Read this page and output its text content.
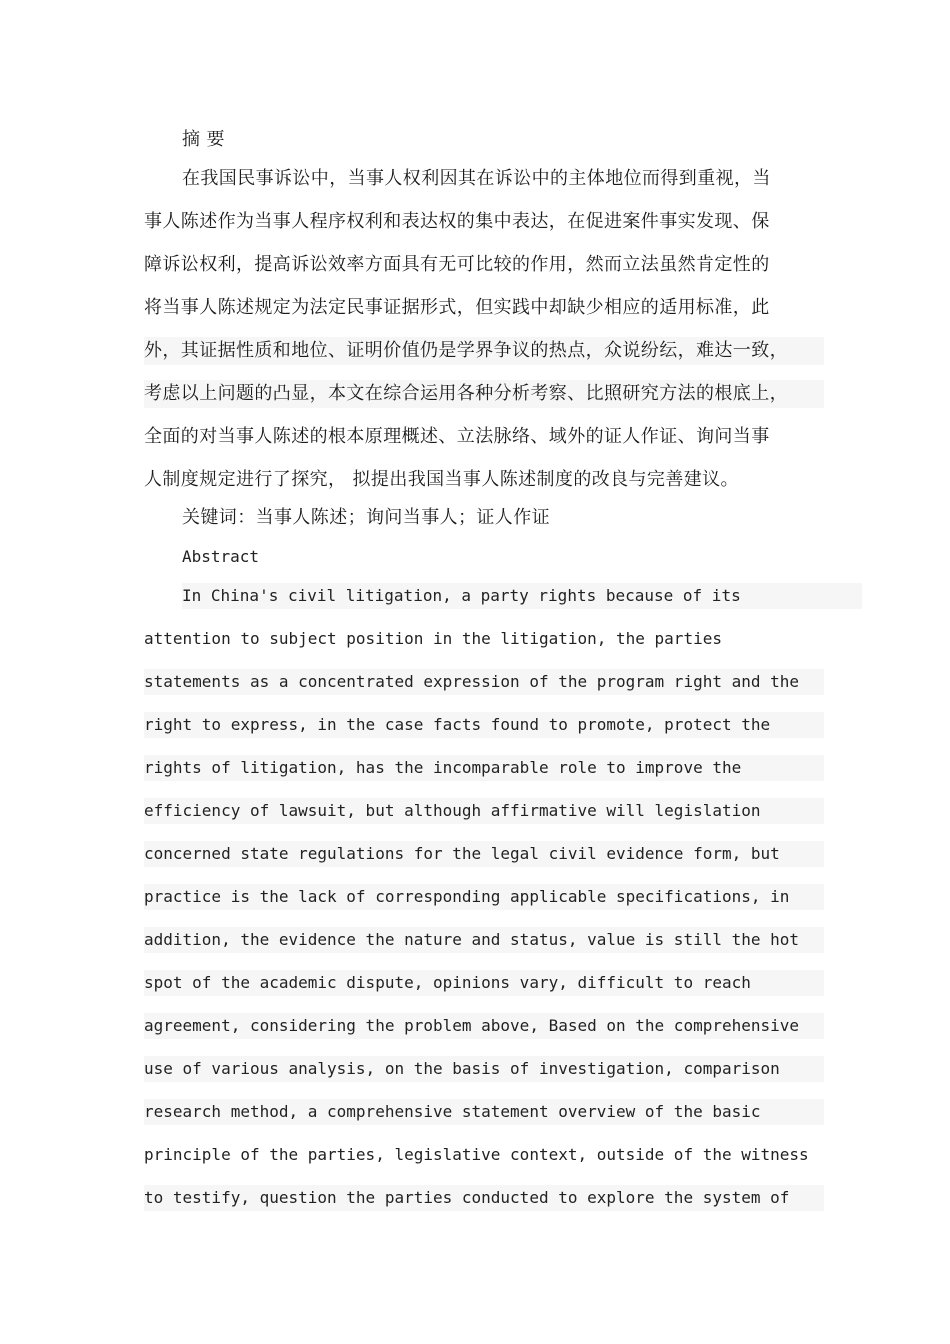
摘 要
在我国民事诉讼中，当事人权利因其在诉讼中的主体地位而得到重视，当
事人陈述作为当事人程序权利和表达权的集中表达，在促进案件事实发现、保
障诉讼权利，提高诉讼效率方面具有无可比较的作用，然而立法虽然肯定性的
将当事人陈述规定为法定民事证据形式，但实践中却缺少相应的适用标准，此
外，其证据性质和地位、证明价值仍是学界争议的热点，众说纷纭，难达一致，
考虑以上问题的凸显，本文在综合运用各种分析考察、比照研究方法的根底上，
全面的对当事人陈述的根本原理概述、立法脉络、域外的证人作证、询问当事
人制度规定进行了探究， 拟提出我国当事人陈述制度的改良与完善建议。
关键词：当事人陈述；询问当事人；证人作证
Abstract
In China's civil litigation, a party rights because of its
attention to subject position in the litigation, the parties
statements as a concentrated expression of the program right and the
right to express, in the case facts found to promote, protect the
rights of litigation, has the incomparable role to improve the
efficiency of lawsuit, but although affirmative will legislation
concerned state regulations for the legal civil evidence form, but
practice is the lack of corresponding applicable specifications, in
addition, the evidence the nature and status, value is still the hot
spot of the academic dispute, opinions vary, difficult to reach
agreement, considering the problem above, Based on the comprehensive
use of various analysis, on the basis of investigation, comparison
research method, a comprehensive statement overview of the basic
principle of the parties, legislative context, outside of the witness
to testify, question the parties conducted to explore the system of
